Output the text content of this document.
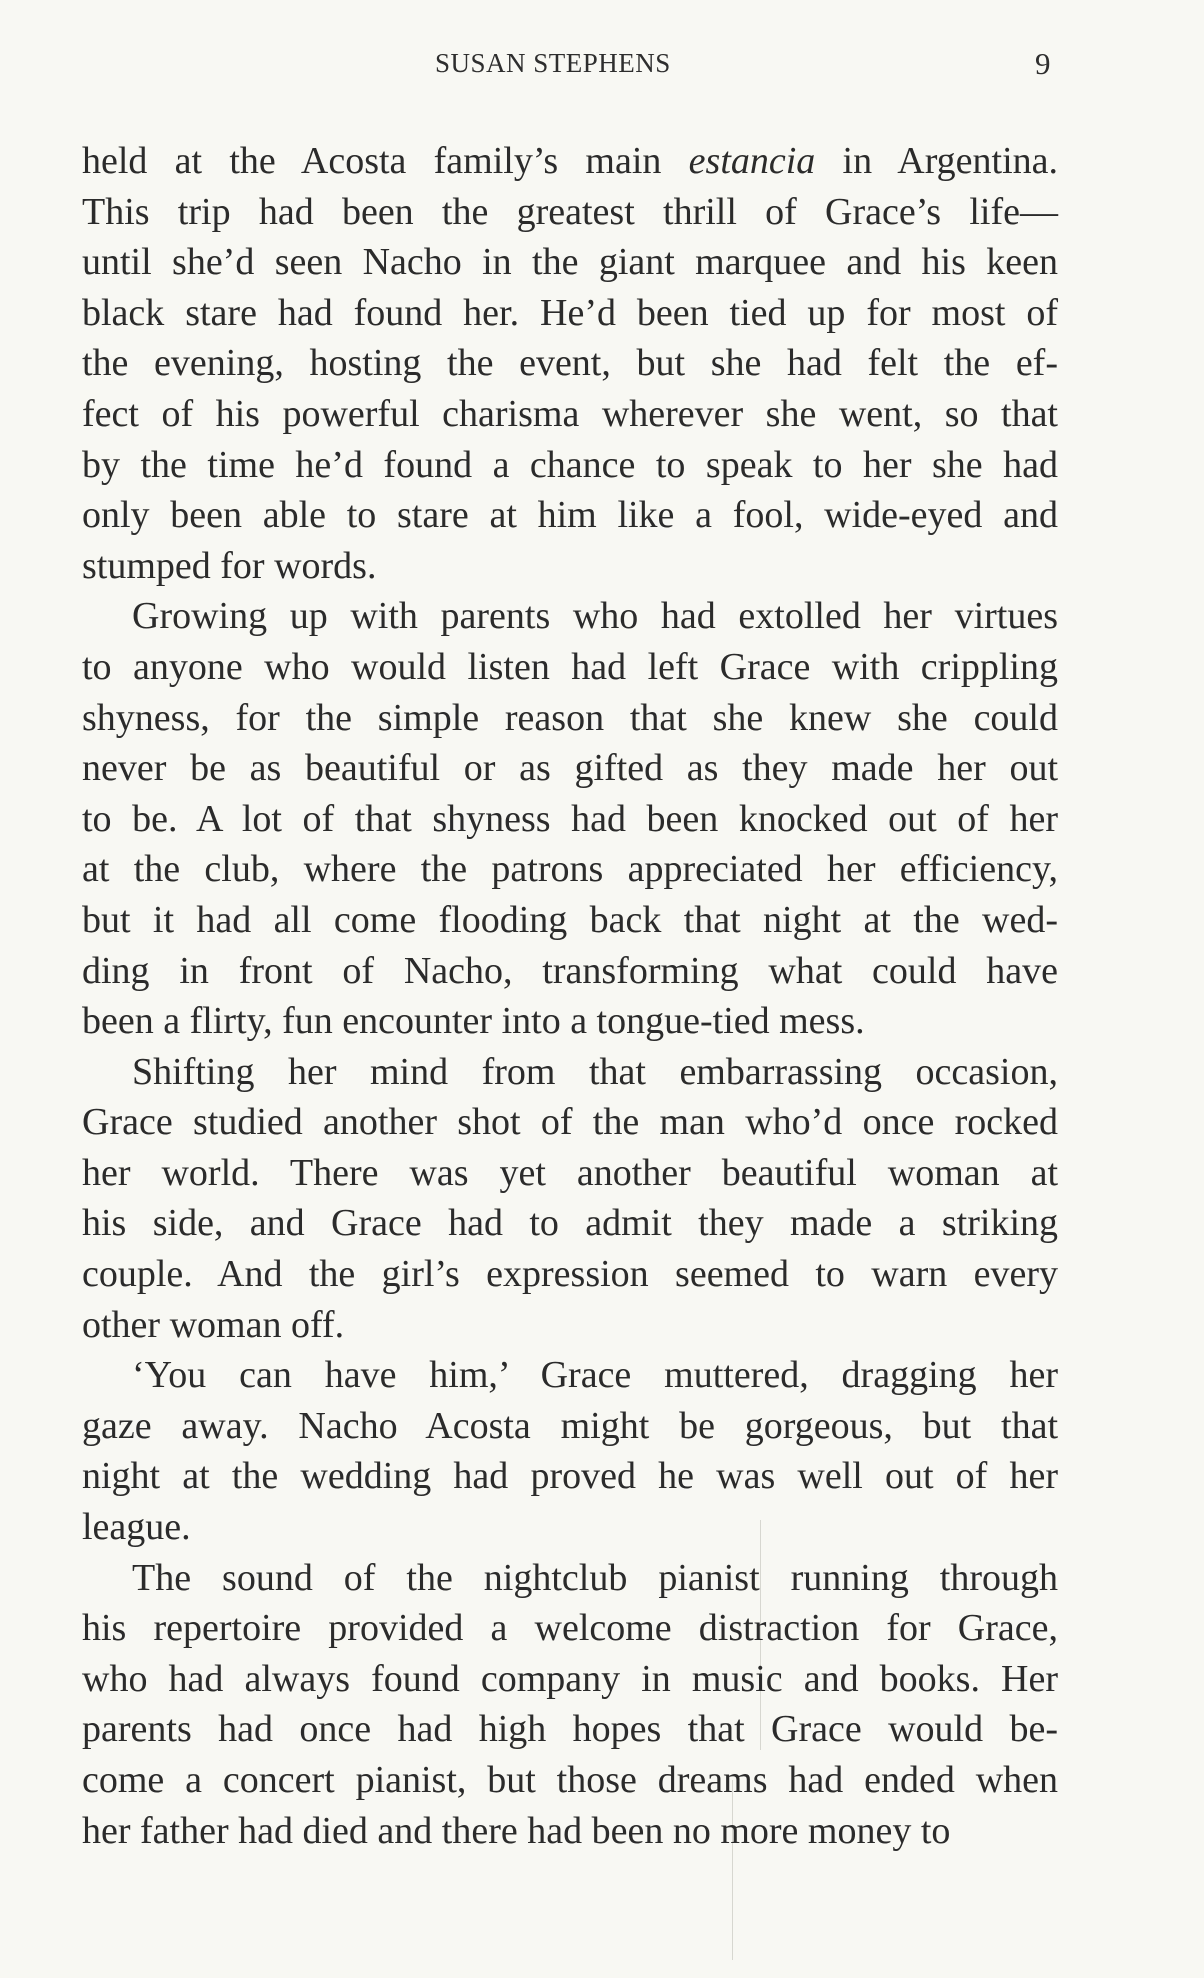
SUSAN STEPHENS	9
held at the Acosta family’s main estancia in Argentina.
This trip had been the greatest thrill of Grace’s life—
until she’d seen Nacho in the giant marquee and his keen
black stare had found her. He’d been tied up for most of
the evening, hosting the event, but she had felt the ef-
fect of his powerful charisma wherever she went, so that
by the time he’d found a chance to speak to her she had
only been able to stare at him like a fool, wide-eyed and
stumped for words.
Growing up with parents who had extolled her virtues
to anyone who would listen had left Grace with crippling
shyness, for the simple reason that she knew she could
never be as beautiful or as gifted as they made her out
to be. A lot of that shyness had been knocked out of her
at the club, where the patrons appreciated her efficiency,
but it had all come flooding back that night at the wed-
ding in front of Nacho, transforming what could have
been a flirty, fun encounter into a tongue-tied mess.
Shifting her mind from that embarrassing occasion,
Grace studied another shot of the man who’d once rocked
her world. There was yet another beautiful woman at
his side, and Grace had to admit they made a striking
couple. And the girl’s expression seemed to warn every
other woman off.
‘You can have him,’ Grace muttered, dragging her
gaze away. Nacho Acosta might be gorgeous, but that
night at the wedding had proved he was well out of her
league.
The sound of the nightclub pianist running through
his repertoire provided a welcome distraction for Grace,
who had always found company in music and books. Her
parents had once had high hopes that Grace would be-
come a concert pianist, but those dreams had ended when
her father had died and there had been no more money to
